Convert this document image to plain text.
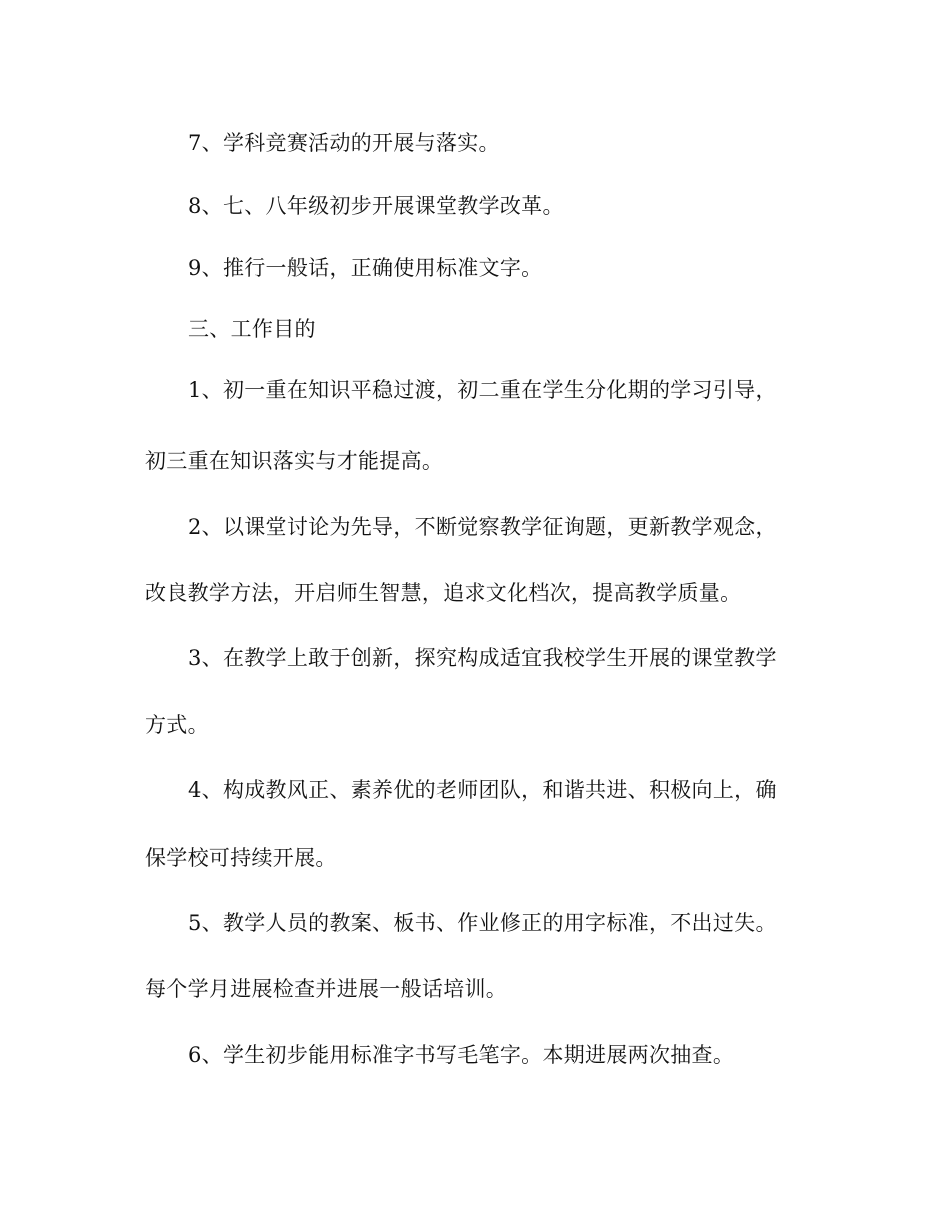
7、学科竞赛活动的开展与落实。
8、七、八年级初步开展课堂教学改革。
9、推行一般话，正确使用标准文字。
三、工作目的
1、初一重在知识平稳过渡，初二重在学生分化期的学习引导，
初三重在知识落实与才能提高。
2、以课堂讨论为先导，不断觉察教学征询题，更新教学观念，
改良教学方法，开启师生智慧，追求文化档次，提高教学质量。
3、在教学上敢于创新，探究构成适宜我校学生开展的课堂教学
方式。
4、构成教风正、素养优的老师团队，和谐共进、积极向上，确
保学校可持续开展。
5、教学人员的教案、板书、作业修正的用字标准，不出过失。
每个学月进展检查并进展一般话培训。
6、学生初步能用标准字书写毛笔字。本期进展两次抽查。
